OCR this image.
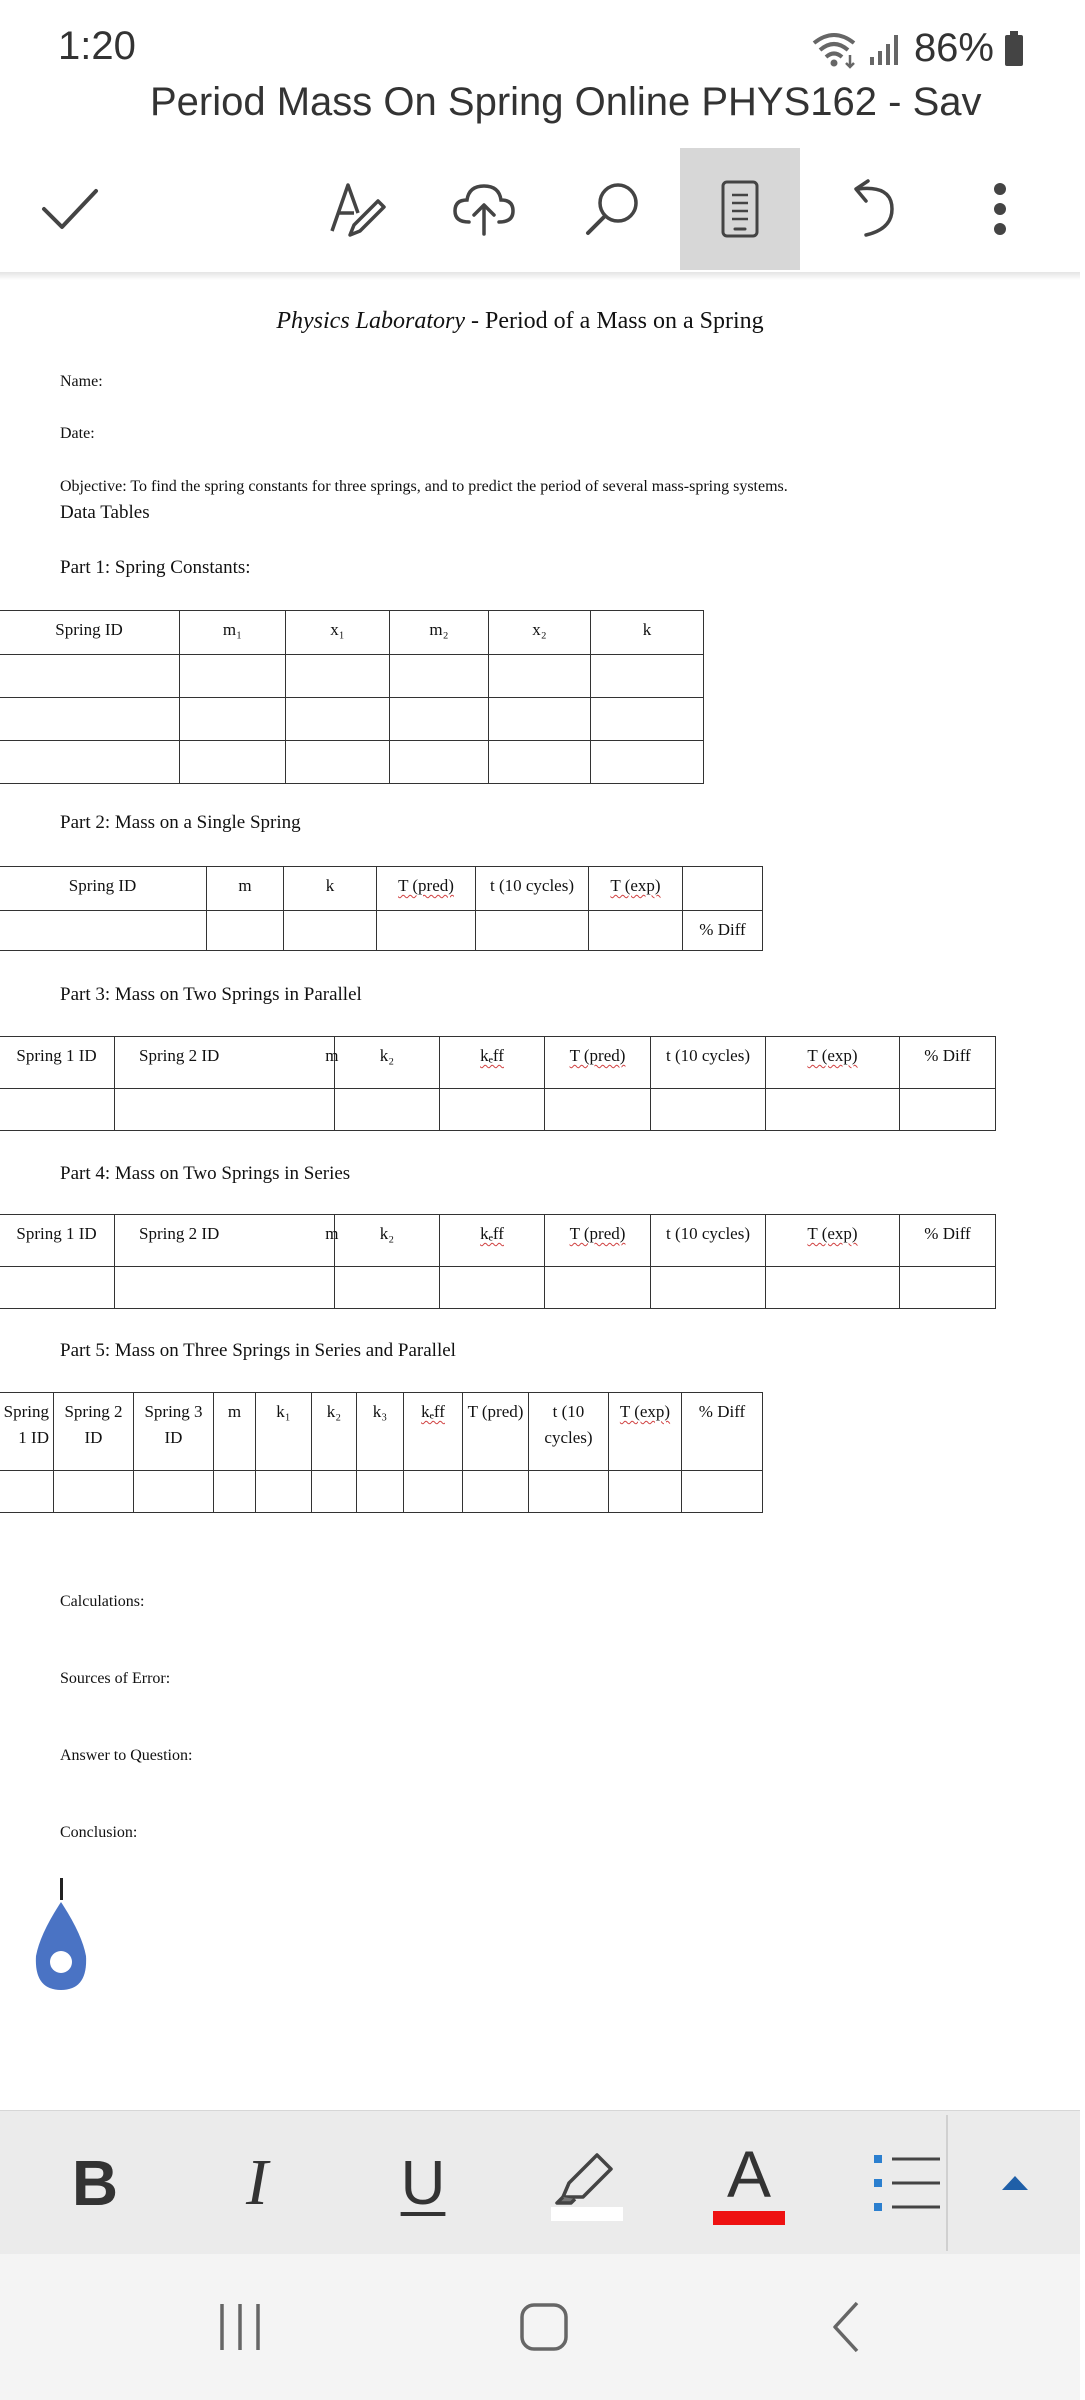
1:20	86%
Period Mass On Spring Online PHYS162 - Sav
Physics Laboratory - Period of a Mass on a Spring
Name:
Date:
Objective: To find the spring constants for three springs, and to predict the period of several mass-spring systems.
Data Tables
Part 1: Spring Constants:
Spring ID	m₁	x₁	m₂	x₂	k

Part 2: Mass on a Single Spring
Spring ID	m	k	T (pred)	t (10 cycles)	T (exp)	
						% Diff
Part 3: Mass on Two Springs in Parallel
Spring 1 ID	Spring 2 ID m		k₂	kₑff	T (pred)	t (10 cycles)	T (exp)	% Diff

Part 4: Mass on Two Springs in Series
Spring 1 ID	Spring 2 ID m		k₂	kₑff	T (pred)	t (10 cycles)	T (exp)	% Diff

Part 5: Mass on Three Springs in Series and Parallel
Spring 1 ID	Spring 2 ID	Spring 3 ID	m	k₁	k₂	k₃	kₑff	T (pred)	t (10 cycles)	T (exp)	% Diff

Calculations:
Sources of Error:
Answer to Question:
Conclusion:
B I U	A
